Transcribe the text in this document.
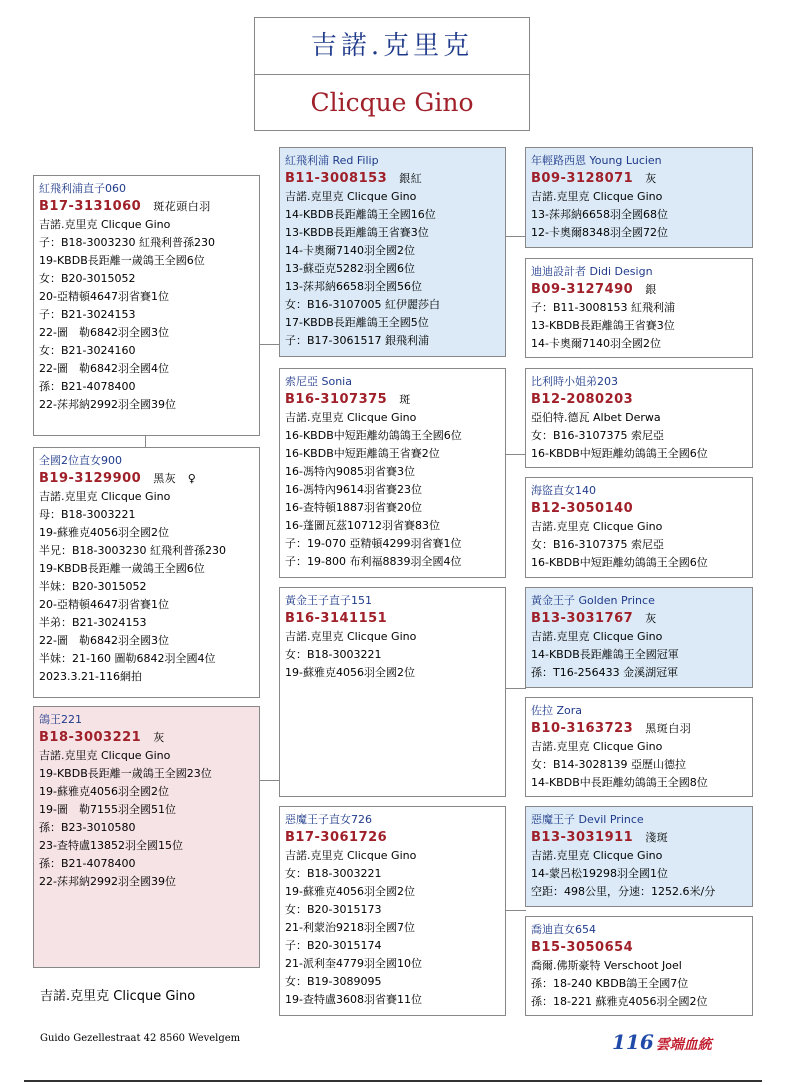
吉諾.克里克
Clicque Gino
紅飛利浦直子060
B17-3131060 斑花頭白羽
吉諾.克里克 Clicque Gino
子：B18-3003230 紅飛利普孫230
19-KBDB長距離一歲鴿王全國6位
女：B20-3015052
20-亞精頓4647羽省賽1位
子：B21-3024153
22-圖　勒6842羽全國3位
女：B21-3024160
22-圖　勒6842羽全國4位
孫：B21-4078400
22-莯邦納2992羽全國39位
全國2位直女900
B19-3129900 黑灰　♀
吉諾.克里克 Clicque Gino
母：B18-3003221
19-蘇雅克4056羽全國2位
半兄：B18-3003230 紅飛利普孫230
19-KBDB長距離一歲鴿王全國6位
半妹：B20-3015052
20-亞精頓4647羽省賽1位
半弟：B21-3024153
22-圖　勒6842羽全國3位
半妹：21-160 圖勒6842羽全國4位
2023.3.21-116網拍
鴿王221
B18-3003221 灰
吉諾.克里克 Clicque Gino
19-KBDB長距離一歲鴿王全國23位
19-蘇雅克4056羽全國2位
19-圖　勒7155羽全國51位
孫：B23-3010580
23-查特盧13852羽全國15位
孫：B21-4078400
22-莯邦納2992羽全國39位
紅飛利浦 Red Filip
B11-3008153 銀紅
吉諾.克里克 Clicque Gino
14-KBDB長距離鴿王全國16位
13-KBDB長距離鴿王省賽3位
14-卡奧爾7140羽全國2位
13-蘇亞克5282羽全國6位
13-莯邦納6658羽全國56位
女：B16-3107005 紅伊麗莎白
17-KBDB長距離鴿王全國5位
子：B17-3061517 銀飛利浦
索尼亞 Sonia
B16-3107375 斑
吉諾.克里克 Clicque Gino
16-KBDB中短距離幼鴿鴿王全國6位
16-KBDB中短距離鴿王省賽2位
16-馮特內9085羽省賽3位
16-馮特內9614羽省賽23位
16-查特頓1887羽省賽20位
16-蓬圖瓦茲10712羽省賽83位
子：19-070 亞精頓4299羽省賽1位
子：19-800 布利福8839羽全國4位
黃金王子直子151
B16-3141151
吉諾.克里克 Clicque Gino
女：B18-3003221
19-蘇雅克4056羽全國2位
惡魔王子直女726
B17-3061726
吉諾.克里克 Clicque Gino
女：B18-3003221
19-蘇雅克4056羽全國2位
女：B20-3015173
21-利蒙治9218羽全國7位
子：B20-3015174
21-派利奎4779羽全國10位
女：B19-3089095
19-查特盧3608羽省賽11位
年輕路西恩 Young Lucien
B09-3128071 灰
吉諾.克里克 Clicque Gino
13-莯邦納6658羽全國68位
12-卡奧爾8348羽全國72位
迪迪設計者 Didi Design
B09-3127490 銀
子：B11-3008153 紅飛利浦
13-KBDB長距離鴿王省賽3位
14-卡奧爾7140羽全國2位
比利時小姐弟203
B12-2080203
亞伯特.德瓦 Albet Derwa
女：B16-3107375 索尼亞
16-KBDB中短距離幼鴿鴿王全國6位
海盜直女140
B12-3050140
吉諾.克里克 Clicque Gino
女：B16-3107375 索尼亞
16-KBDB中短距離幼鴿鴿王全國6位
黃金王子 Golden Prince
B13-3031767 灰
吉諾.克里克 Clicque Gino
14-KBDB長距離鴿王全國冠軍
孫：T16-256433 金溪湖冠軍
佐拉 Zora
B10-3163723 黑斑白羽
吉諾.克里克 Clicque Gino
女：B14-3028139 亞歷山德拉
14-KBDB中長距離幼鴿鴿王全國8位
惡魔王子 Devil Prince
B13-3031911 淺斑
吉諾.克里克 Clicque Gino
14-蒙呂松19298羽全國1位
空距：498公里，分速：1252.6米/分
喬迪直女654
B15-3050654
喬爾.佛斯豪特 Verschoot Joel
孫：18-240 KBDB鴿王全國7位
孫：18-221 蘇雅克4056羽全國2位
吉諾.克里克 Clicque Gino
Guido Gezellestraat 42 8560 Wevelgem	116 雲端血統
